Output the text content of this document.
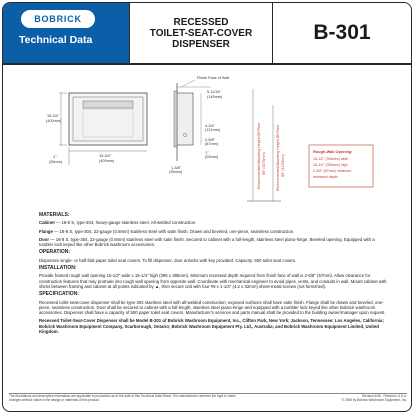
BOBRICK
Technical Data
RECESSED
TOILET-SEAT-COVER
DISPENSER	B-301
15-3/4"
(400mm)
15-3/4"
(400mm)
1"
(25mm)
Finish Face of Wall
5-11/16"
(145mm)
4-3/4"
(121mm)
2-5/8"
(67mm)
1"
(25mm)
1-3/8"
(35mm)	Recommended Mounting Height Off Floor 66" (1675mm)	Recommended Mounting Height Off Floor 50" (1270mm)
Rough-Wall Opening:
15-1/2" (394mm) wide
15-1/4" (359mm) high
2-3/8" (67mm) minimum
recessed depth
MATERIALS:

Cabinet — 18-8 S, type-304, heavy-gauge stainless steel. All-welded construction.

Flange — 18-8 S, type-304, 22-gauge (0.8mm) stainless steel with satin finish. Drawn and beveled, one-piece, seamless construction.

Door — 18-8 S, type-304, 22-gauge (0.8mm) stainless steel with satin finish. Secured to cabinet with a full-length, stainless steel piano-hinge. Beveled opening. Equipped with a tumbler lock keyed like other Bobrick washroom accessories.

OPERATION:

Dispenses single- or half-fold paper toilet seat covers. To fill dispenser, door unlocks with key provided. Capacity: 500 toilet seat covers.

INSTALLATION:

Provide framed rough wall opening 15-1/2" wide x 15-1/4" high (395 x 385mm). Minimum recessed depth required from finish face of wall is 2-5/8" (67mm). Allow clearance for construction features that may protrude into rough wall opening from opposite wall. Coordinate with mechanical engineer to avoid pipes, vents, and conduits in wall. Mount cabinet with shims between framing and cabinet at all points indicated by ▲, then secure unit with four #8 x 1-1/4" (4.2 x 32mm) sheet-metal screws (not furnished).

SPECIFICATION:

Recessed toilet-seat-cover dispenser shall be type-304 stainless steel with all-welded construction; exposed surfaces shall have satin finish. Flange shall be drawn and beveled, one-piece, seamless construction. Door shall be secured to cabinet with a full-length, stainless steel piano-hinge and equipped with a tumbler lock keyed like other Bobrick washroom accessories. Dispenser shall have a capacity of 500 paper toilet seat covers. Manufacturer's services and parts manual shall be provided to the building owner/manager upon request.

Recessed Toilet-Seat-Cover Dispenser shall be Model B-301 of Bobrick Washroom Equipment, Inc., Clifton Park, New York; Jackson, Tennessee; Los Angeles, California; Bobrick Washroom Equipment Company, Scarborough, Ontario; Bobrick Washroom Equipment Pty. Ltd., Australia; and Bobrick Washroom Equipment Limited, United Kingdom.

The illustrations and descriptive information are applicable to production as of the date of this Technical Data Sheet. The manufacturer reserves the right to make changes without notice in the design or materials of this product.
Revised 4/06 Printed in U.S.A.
© 2006 by Bobrick Washroom Equipment, Inc.
